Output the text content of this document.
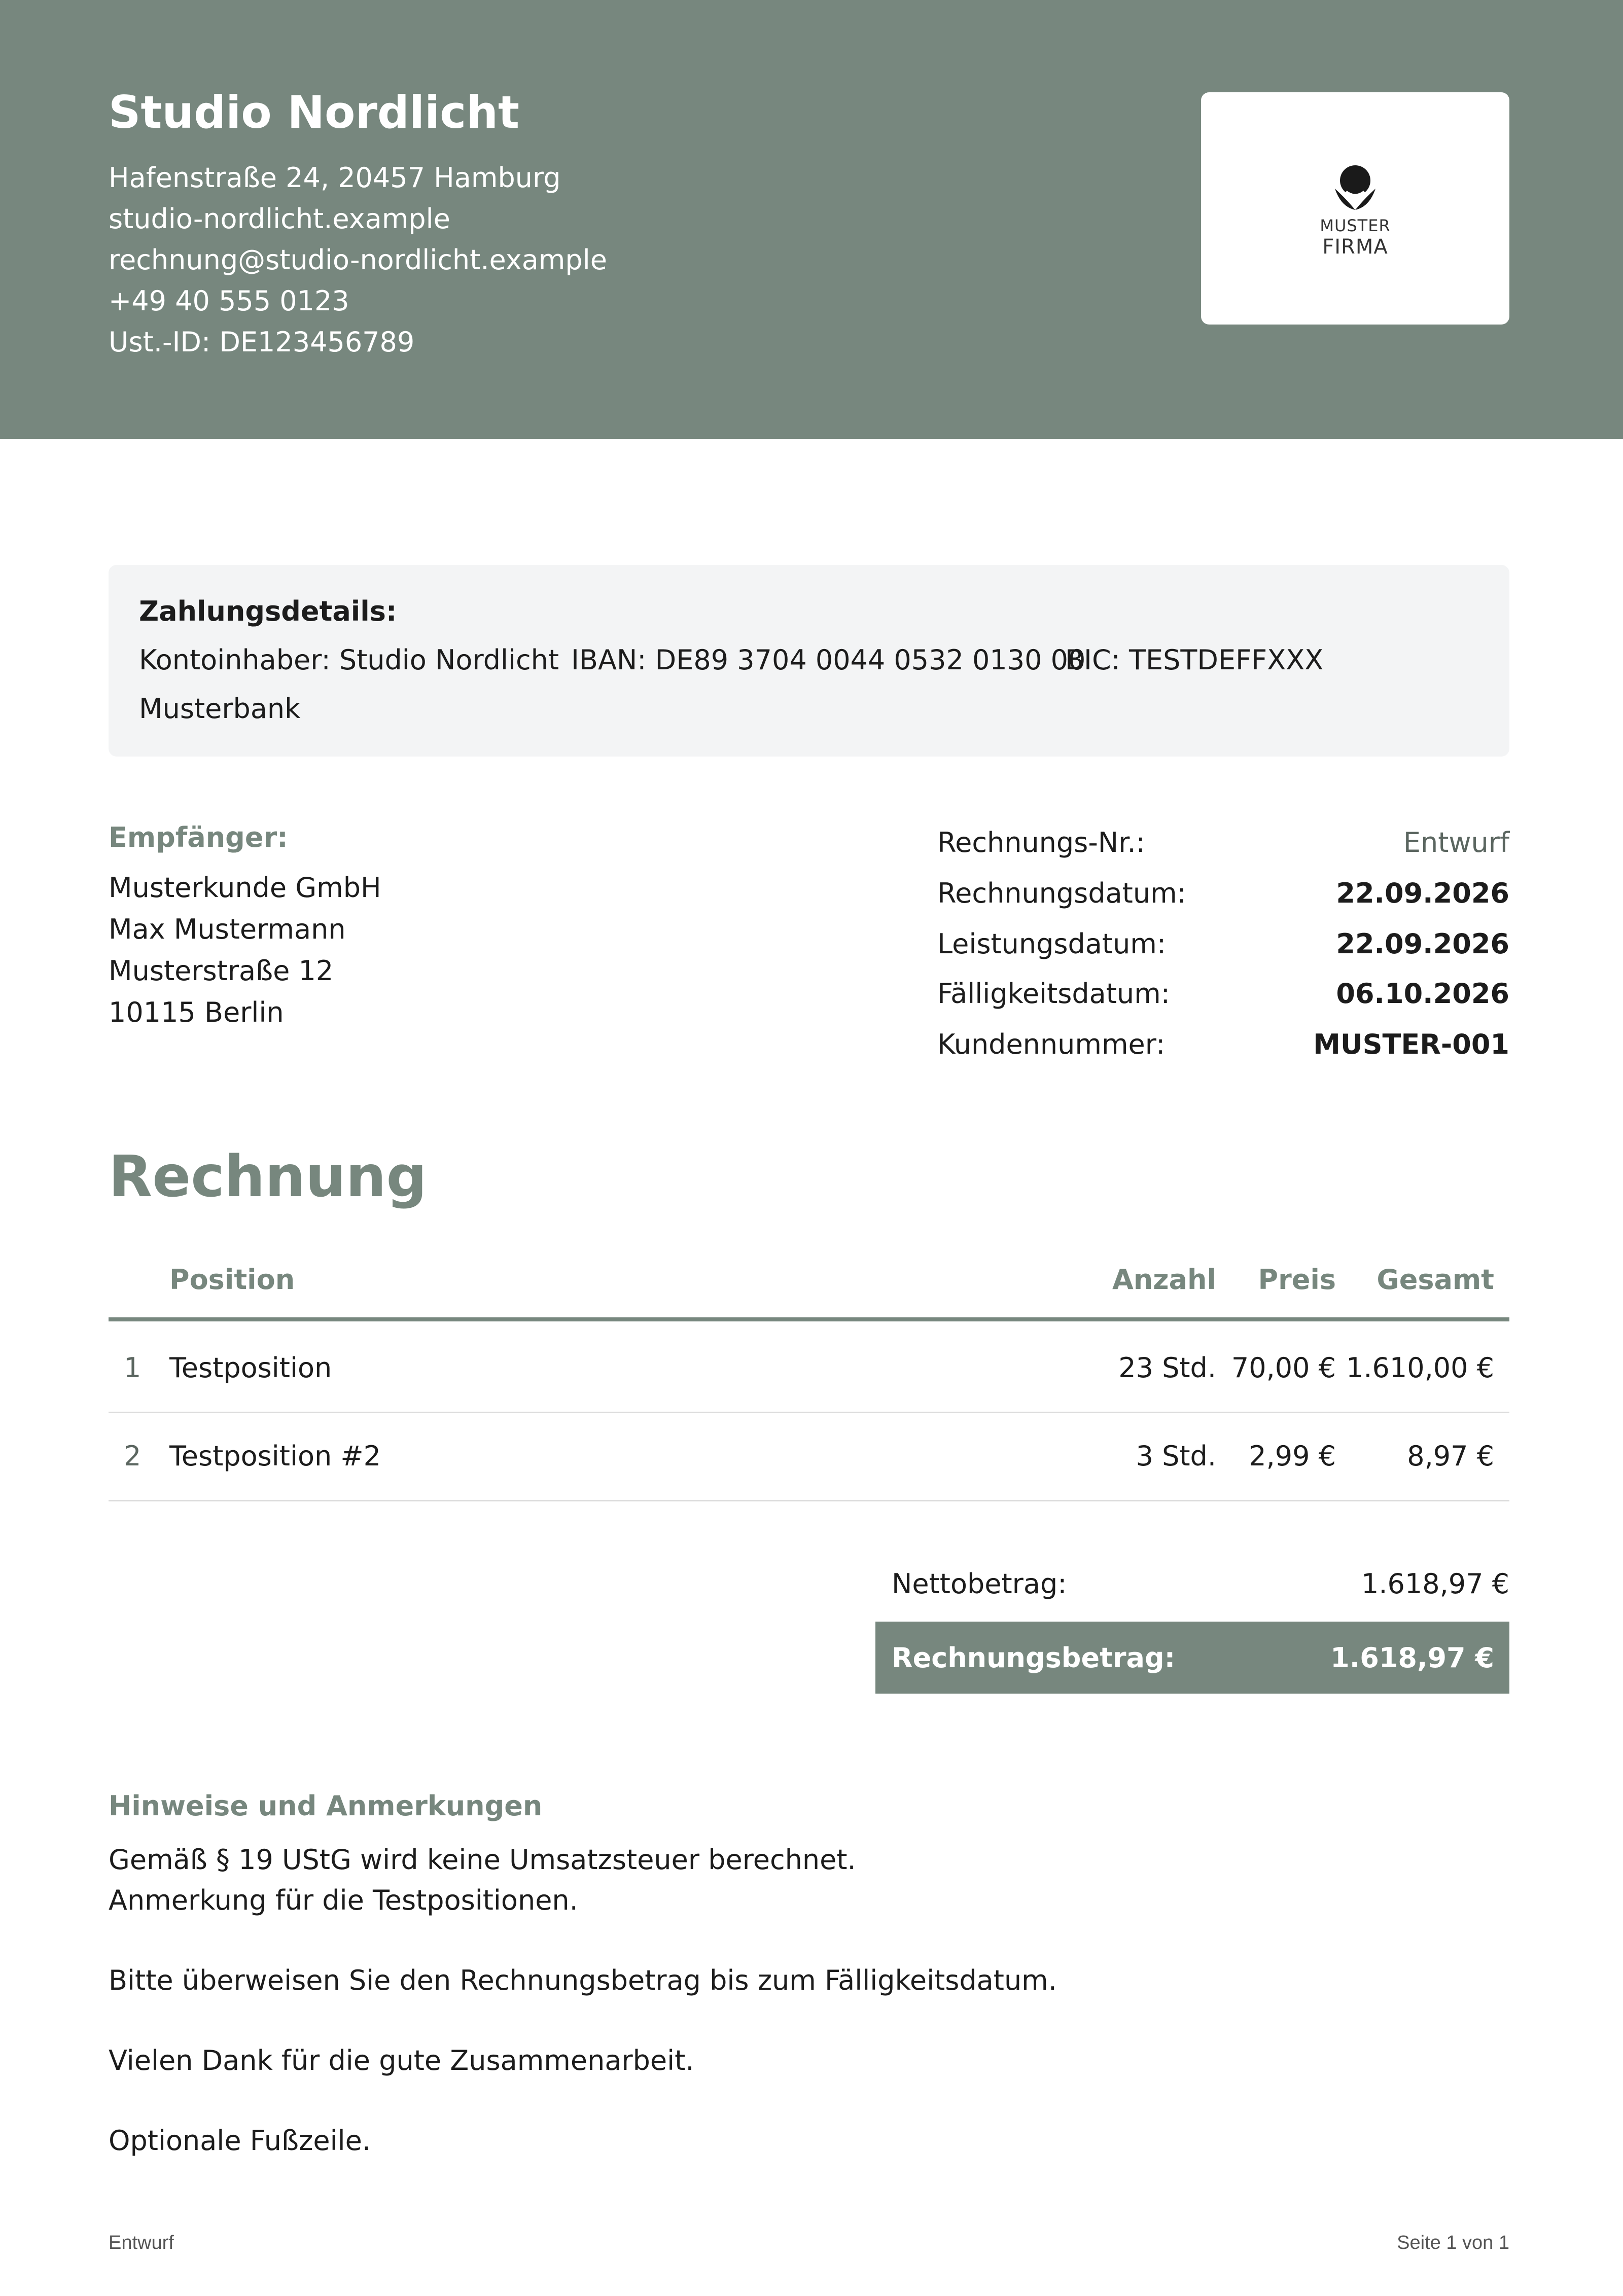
Studio Nordlicht
Hafenstraße 24, 20457 Hamburg
studio-nordlicht.example
rechnung@studio-nordlicht.example
+49 40 555 0123
Ust.-ID: DE123456789
MUSTER
FIRMA
Zahlungsdetails:
Kontoinhaber: Studio Nordlicht IBAN: DE89 3704 0044 0532 0130 00
BIC: TESTDEFFXXX
Musterbank
Empfänger:
Musterkunde GmbH
Max Mustermann
Musterstraße 12
10115 Berlin
Rechnungs-Nr.:	Entwurf
Rechnungsdatum:	22.09.2026
Leistungsdatum:	22.09.2026
Fälligkeitsdatum:	06.10.2026
Kundennummer:	MUSTER-001
Rechnung
Position	Anzahl Preis Gesamt
1 Testposition	23 Std. 70,00 € 1.610,00 €
2 Testposition #2	3 Std. 2,99 €	8,97 €
Nettobetrag:	1.618,97 €
Rechnungsbetrag:	1.618,97 €
Hinweise und Anmerkungen
Gemäß § 19 UStG wird keine Umsatzsteuer berechnet.
Anmerkung für die Testpositionen.
Bitte überweisen Sie den Rechnungsbetrag bis zum Fälligkeitsdatum.
Vielen Dank für die gute Zusammenarbeit.
Optionale Fußzeile.
Entwurf	Seite 1 von 1
